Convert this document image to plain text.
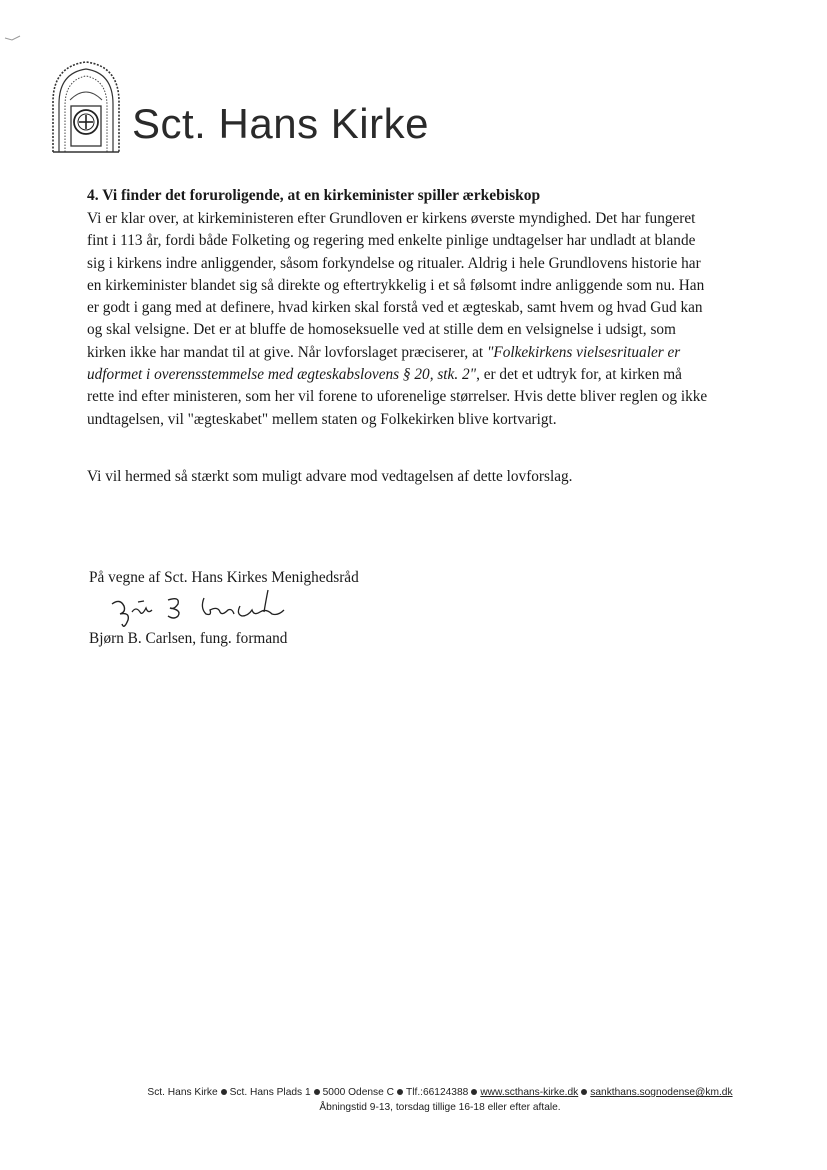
Sct. Hans Kirke
4. Vi finder det foruroligende, at en kirkeminister spiller ærkebiskop

Vi er klar over, at kirkeministeren efter Grundloven er kirkens øverste myndighed. Det har fungeret
fint i 113 år, fordi både Folketing og regering med enkelte pinlige undtagelser har undladt at blande
sig i kirkens indre anliggender, såsom forkyndelse og ritualer. Aldrig i hele Grundlovens historie har
en kirkeminister blandet sig så direkte og eftertrykkelig i et så følsomt indre anliggende som nu. Han
er godt i gang med at definere, hvad kirken skal forstå ved et ægteskab, samt hvem og hvad Gud kan
og skal velsigne. Det er at bluffe de homoseksuelle ved at stille dem en velsignelse i udsigt, som
kirken ikke har mandat til at give. Når lovforslaget præciserer, at "Folkekirkens vielsesritualer er
udformet i overensstemmelse med ægteskabslovens § 20, stk. 2", er det et udtryk for, at kirken må
rette ind efter ministeren, som her vil forene to uforenelige størrelser. Hvis dette bliver reglen og ikke
undtagelsen, vil "ægteskabet" mellem staten og Folkekirken blive kortvarigt.

Vi vil hermed så stærkt som muligt advare mod vedtagelsen af dette lovforslag.
På vegne af Sct. Hans Kirkes Menighedsråd
Bjørn B. Carlsen, fung. formand
Sct. Hans Kirke Sct. Hans Plads 1 5000 Odense C Tlf.:66124388 www.scthans-kirke.dk sankthans.sognodense@km.dk
Åbningstid 9-13, torsdag tillige 16-18 eller efter aftale.
